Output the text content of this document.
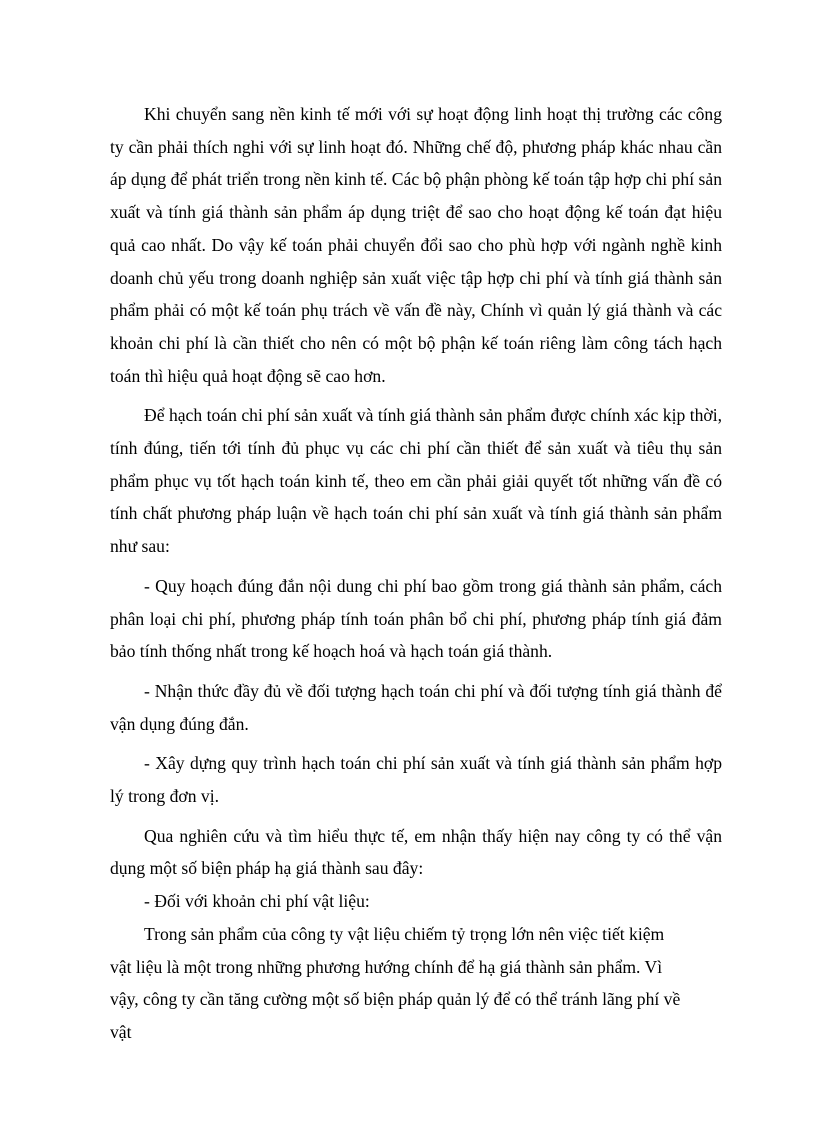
Khi chuyển sang nền kinh tế mới với sự hoạt động linh hoạt thị trường các công ty cần phải thích nghi với sự linh hoạt đó. Những chế độ, phương pháp khác nhau cần áp dụng để phát triển trong nền kinh tế. Các bộ phận phòng kế toán tập hợp chi phí sản xuất và tính giá thành sản phẩm áp dụng triệt để sao cho hoạt động kế toán đạt hiệu quả cao nhất. Do vậy kế toán phải chuyển đổi sao cho phù hợp với ngành nghề kinh doanh chủ yếu trong doanh nghiệp sản xuất việc tập hợp chi phí và tính giá thành sản phẩm phải có một kế toán phụ trách về vấn đề này, Chính vì quản lý giá thành và các khoản chi phí là cần thiết cho nên có một bộ phận kế toán riêng làm công tách hạch toán thì hiệu quả hoạt động sẽ cao hơn.

Để hạch toán chi phí sản xuất và tính giá thành sản phẩm được chính xác kịp thời, tính đúng, tiến tới tính đủ phục vụ các chi phí cần thiết để sản xuất và tiêu thụ sản phẩm phục vụ tốt hạch toán kinh tế, theo em cần phải giải quyết tốt những vấn đề có tính chất phương pháp luận về hạch toán chi phí sản xuất và tính giá thành sản phẩm như sau:

- Quy hoạch đúng đắn nội dung chi phí bao gồm trong giá thành sản phẩm, cách phân loại chi phí, phương pháp tính toán phân bổ chi phí, phương pháp tính giá đảm bảo tính thống nhất trong kế hoạch hoá và hạch toán giá thành.

- Nhận thức đầy đủ về đối tượng hạch toán chi phí và đối tượng tính giá thành để vận dụng đúng đắn.

- Xây dựng quy trình hạch toán chi phí sản xuất và tính giá thành sản phẩm hợp lý trong đơn vị.

Qua nghiên cứu và tìm hiểu thực tế, em nhận thấy hiện nay công ty có thể vận dụng một số biện pháp hạ giá thành sau đây:

- Đối với khoản chi phí vật liệu:

Trong sản phẩm của công ty vật liệu chiếm tỷ trọng lớn nên việc tiết kiệm vật liệu là một trong những phương hướng chính để hạ giá thành sản phẩm. Vì vậy, công ty cần tăng cường một số biện pháp quản lý để có thể tránh lãng phí về vật
